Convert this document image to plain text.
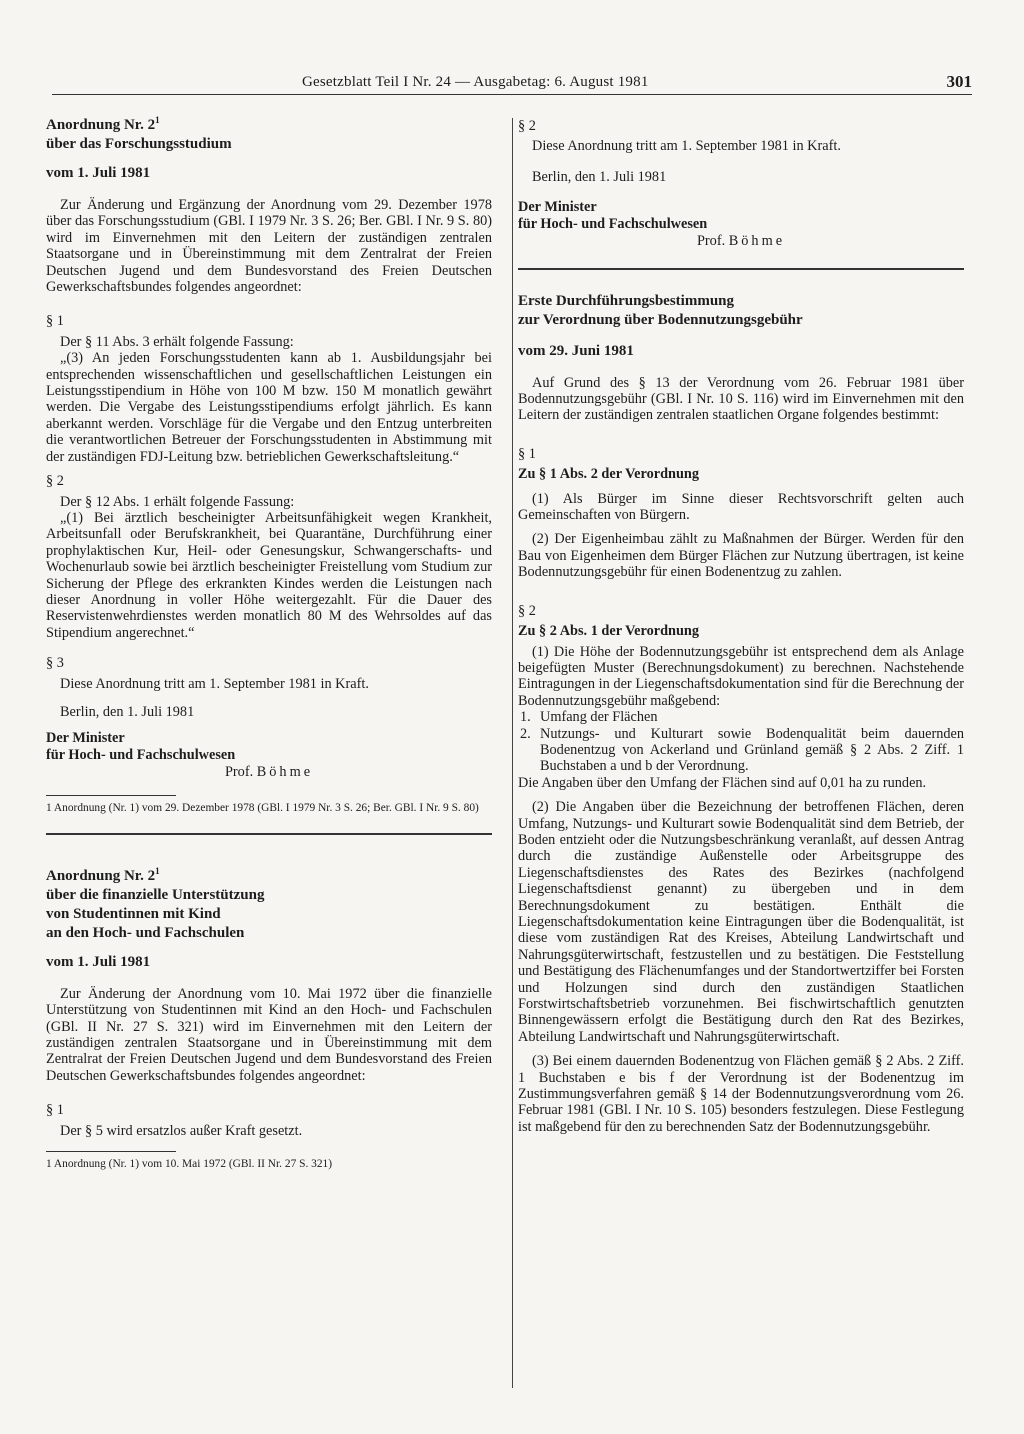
Gesetzblatt Teil I Nr. 24 — Ausgabetag: 6. August 1981	301

Anordnung Nr. $2^1$

über das Forschungsstudium

vom 1. Juli 1981

Zur Änderung und Ergänzung der Anordnung vom 29. Dezember 1978 über das Forschungsstudium (GBl. I 1979 Nr. 3 S. 26; Ber. GBl. I Nr. 9 S. 80) wird im Einvernehmen mit den Leitern der zuständigen zentralen Staatsorgane und in Übereinstimmung mit dem Zentralrat der Freien Deutschen Jugend und dem Bundesvorstand des Freien Deutschen Gewerkschaftsbundes folgendes angeordnet:

§ 1

Der § 11 Abs. 3 erhält folgende Fassung:

„(3) An jeden Forschungsstudenten kann ab 1. Ausbildungsjahr bei entsprechenden wissenschaftlichen und gesellschaftlichen Leistungen ein Leistungsstipendium in Höhe von 100 M bzw. 150 M monatlich gewährt werden. Die Vergabe des Leistungsstipendiums erfolgt jährlich. Es kann aberkannt werden. Vorschläge für die Vergabe und den Entzug unterbreiten die verantwortlichen Betreuer der Forschungsstudenten in Abstimmung mit der zuständigen FDJ-Leitung bzw. betrieblichen Gewerkschaftsleitung.“

§ 2

Der § 12 Abs. 1 erhält folgende Fassung:

„(1) Bei ärztlich bescheinigter Arbeitsunfähigkeit wegen Krankheit, Arbeitsunfall oder Berufskrankheit, bei Quarantäne, Durchführung einer prophylaktischen Kur, Heil- oder Genesungskur, Schwangerschafts- und Wochenurlaub sowie bei ärztlich bescheinigter Freistellung vom Studium zur Sicherung der Pflege des erkrankten Kindes werden die Leistungen nach dieser Anordnung in voller Höhe weitergezahlt. Für die Dauer des Reservistenwehrdienstes werden monatlich 80 M des Wehrsoldes auf das Stipendium angerechnet.“

§ 3

Diese Anordnung tritt am 1. September 1981 in Kraft.

Berlin, den 1. Juli 1981

Der Minister

für Hoch- und Fachschulwesen

Prof. Böhme

1 Anordnung (Nr. 1) vom 29. Dezember 1978 (GBl. I 1979 Nr. 3 S. 26; Ber. GBl. I Nr. 9 S. 80)

Anordnung Nr. $2^1$

über die finanzielle Unterstützung

von Studentinnen mit Kind

an den Hoch- und Fachschulen

vom 1. Juli 1981

Zur Änderung der Anordnung vom 10. Mai 1972 über die finanzielle Unterstützung von Studentinnen mit Kind an den Hoch- und Fachschulen (GBl. II Nr. 27 S. 321) wird im Einvernehmen mit den Leitern der zuständigen zentralen Staatsorgane und in Übereinstimmung mit dem Zentralrat der Freien Deutschen Jugend und dem Bundesvorstand des Freien Deutschen Gewerkschaftsbundes folgendes angeordnet:

§ 1

Der § 5 wird ersatzlos außer Kraft gesetzt.

1 Anordnung (Nr. 1) vom 10. Mai 1972 (GBl. II Nr. 27 S. 321)

§ 2

Diese Anordnung tritt am 1. September 1981 in Kraft.

Berlin, den 1. Juli 1981

Der Minister

für Hoch- und Fachschulwesen

Prof. Böhme

Erste Durchführungsbestimmung

zur Verordnung über Bodennutzungsgebühr

vom 29. Juni 1981

Auf Grund des § 13 der Verordnung vom 26. Februar 1981 über Bodennutzungsgebühr (GBl. I Nr. 10 S. 116) wird im Einvernehmen mit den Leitern der zuständigen zentralen staatlichen Organe folgendes bestimmt:

§ 1

Zu § 1 Abs. 2 der Verordnung

(1) Als Bürger im Sinne dieser Rechtsvorschrift gelten auch Gemeinschaften von Bürgern.

(2) Der Eigenheimbau zählt zu Maßnahmen der Bürger. Werden für den Bau von Eigenheimen dem Bürger Flächen zur Nutzung übertragen, ist keine Bodennutzungsgebühr für einen Bodenentzug zu zahlen.

§ 2

Zu § 2 Abs. 1 der Verordnung

(1) Die Höhe der Bodennutzungsgebühr ist entsprechend dem als Anlage beigefügten Muster (Berechnungsdokument) zu berechnen. Nachstehende Eintragungen in der Liegenschaftsdokumentation sind für die Berechnung der Bodennutzungsgebühr maßgebend:

1. Umfang der Flächen
2. Nutzungs- und Kulturart sowie Bodenqualität beim dauernden Bodenentzug von Ackerland und Grünland gemäß § 2 Abs. 2 Ziff. 1 Buchstaben a und b der Verordnung.

Die Angaben über den Umfang der Flächen sind auf 0,01 ha zu runden.

(2) Die Angaben über die Bezeichnung der betroffenen Flächen, deren Umfang, Nutzungs- und Kulturart sowie Bodenqualität sind dem Betrieb, der Boden entzieht oder die Nutzungsbeschränkung veranlaßt, auf dessen Antrag durch die zuständige Außenstelle oder Arbeitsgruppe des Liegenschaftsdienstes des Rates des Bezirkes (nachfolgend Liegenschaftsdienst genannt) zu übergeben und in dem Berechnungsdokument zu bestätigen. Enthält die Liegenschaftsdokumentation keine Eintragungen über die Bodenqualität, ist diese vom zuständigen Rat des Kreises, Abteilung Landwirtschaft und Nahrungsgüterwirtschaft, festzustellen und zu bestätigen. Die Feststellung und Bestätigung des Flächenumfanges und der Standortwertziffer bei Forsten und Holzungen sind durch den zuständigen Staatlichen Forstwirtschaftsbetrieb vorzunehmen. Bei fischwirtschaftlich genutzten Binnengewässern erfolgt die Bestätigung durch den Rat des Bezirkes, Abteilung Landwirtschaft und Nahrungsgüterwirtschaft.

(3) Bei einem dauernden Bodenentzug von Flächen gemäß § 2 Abs. 2 Ziff. 1 Buchstaben e bis f der Verordnung ist der Bodenentzug im Zustimmungsverfahren gemäß § 14 der Bodennutzungsverordnung vom 26. Februar 1981 (GBl. I Nr. 10 S. 105) besonders festzulegen. Diese Festlegung ist maßgebend für den zu berechnenden Satz der Bodennutzungsgebühr.
